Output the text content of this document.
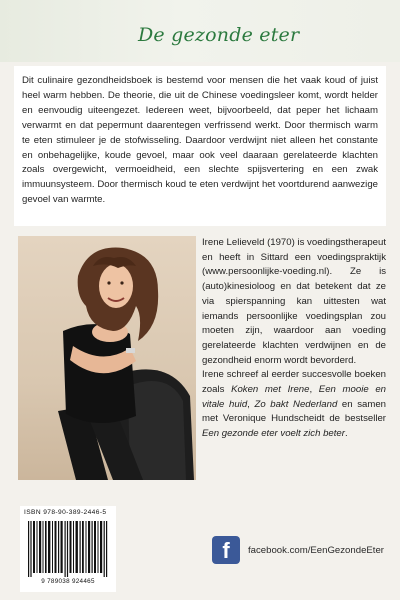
De gezonde eter

Dit culinaire gezondheidsboek is bestemd voor mensen die het vaak koud of juist heel warm hebben. De theorie, die uit de Chinese voedingsleer komt, wordt helder en eenvoudig uiteengezet. Iedereen weet, bijvoorbeeld, dat peper het lichaam verwarmt en dat pepermunt daarentegen verfrissend werkt. Door thermisch warm te eten stimuleer je de stofwisseling. Daardoor verdwijnt niet alleen het constante en onbehagelijke, koude gevoel, maar ook veel daaraan gerelateerde klachten zoals overgewicht, vermoeidheid, een slechte spijsvertering en een zwak immuunsysteem. Door thermisch koud te eten verdwijnt het voortdurend aanwezige gevoel van warmte.

Irene Lelieveld (1970) is voedingstherapeut en heeft in Sittard een voedingspraktijk (www.persoonlijke-voeding.nl). Ze is (auto)kinesioloog en dat betekent dat ze via spierspanning kan uittesten wat iemands persoonlijke voedingsplan zou moeten zijn, waardoor aan voeding gerelateerde klachten verdwijnen en de gezondheid enorm wordt bevorderd.

Irene schreef al eerder succesvolle boeken zoals Koken met Irene, Een mooie en vitale huid, Zo bakt Nederland en samen met Veronique Hundscheidt de bestseller Een gezonde eter voelt zich beter.

ISBN 978-90-389-2446-5
9 789038 924465
f	facebook.com/EenGezondeEter
